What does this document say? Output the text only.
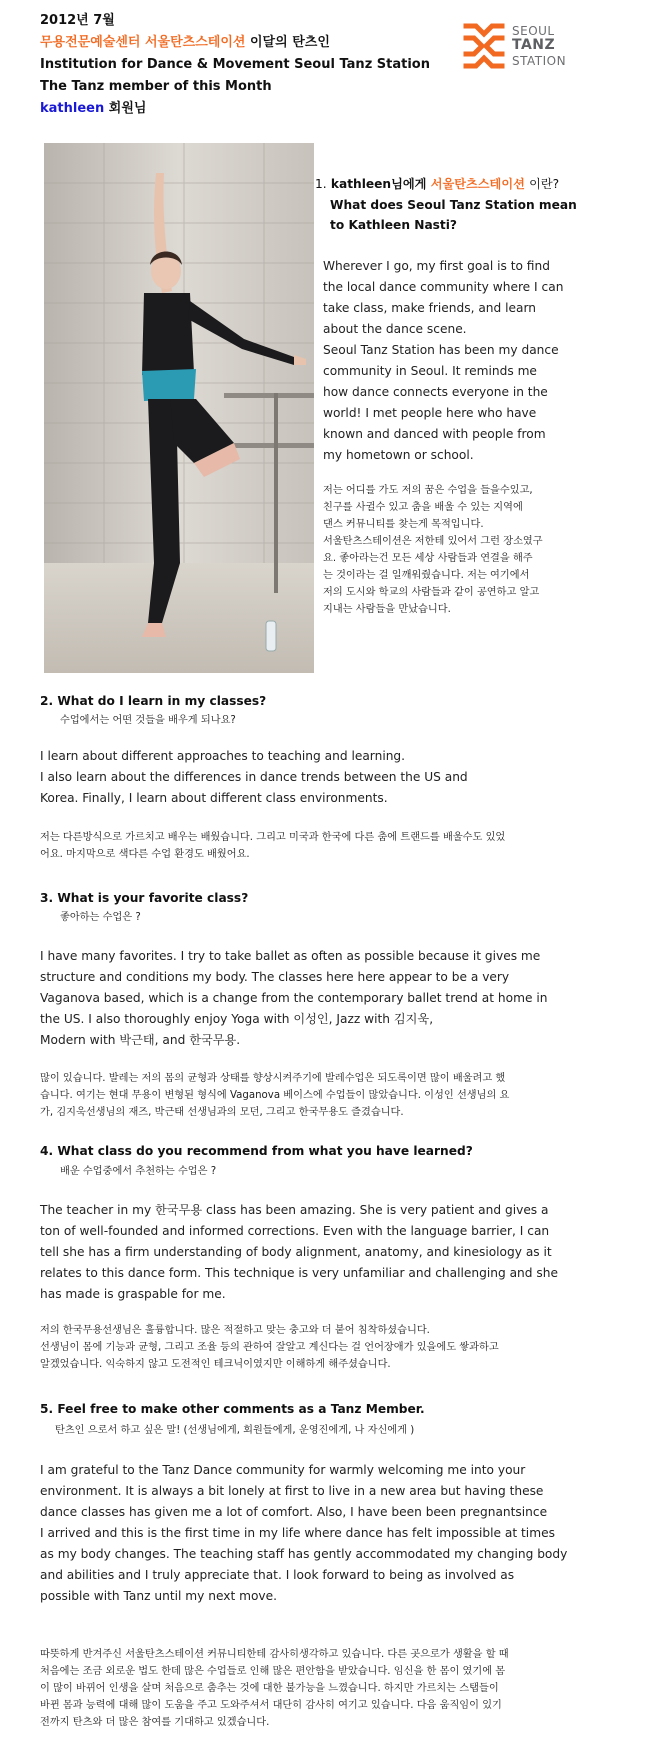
2012년 7월
무용전문예술센터 서울탄츠스테이션 이달의 탄츠인
Institution for Dance & Movement Seoul Tanz Station
The Tanz member of this Month
kathleen 회원님
SEOUL
TANZ
STATION
1. kathleen님에게 서울탄츠스테이션 이란?
What does Seoul Tanz Station mean
to Kathleen Nasti?
Wherever I go, my first goal is to find
the local dance community where I can
take class, make friends, and learn
about the dance scene.
Seoul Tanz Station has been my dance
community in Seoul. It reminds me
how dance connects everyone in the
world! I met people here who have
known and danced with people from
my hometown or school.
저는 어디를 가도 저의 꿈은 수업을 들을수있고,
친구를 사귈수 있고 춤을 배울 수 있는 지역에
댄스 커뮤니티를 찾는게 목적입니다.
서울탄츠스테이션은 저한테 있어서 그런 장소였구
요. 좋아라는건 모든 세상 사람들과 연결을 해주
는 것이라는 걸 일깨워줬습니다. 저는 여기에서
저의 도시와 학교의 사람들과 같이 공연하고 알고
지내는 사람들을 만났습니다.
2. What do I learn in my classes?
수업에서는 어떤 것들을 배우게 되나요?
I learn about different approaches to teaching and learning.
I also learn about the differences in dance trends between the US and
Korea. Finally, I learn about different class environments.
저는 다른방식으로 가르치고 배우는 배웠습니다. 그리고 미국과 한국에 다른 춤에 트랜드를 배울수도 있었
어요. 마지막으로 색다른 수업 환경도 배웠어요.
3. What is your favorite class?
좋아하는 수업은 ?
I have many favorites. I try to take ballet as often as possible because it gives me
structure and conditions my body. The classes here here appear to be a very
Vaganova based, which is a change from the contemporary ballet trend at home in
the US. I also thoroughly enjoy Yoga with 이성인, Jazz with 김지욱,
Modern with 박근태, and 한국무용.
많이 있습니다. 발레는 저의 몸의 균형과 상태를 향상시켜주기에 발레수업은 되도록이면 많이 배울려고 했
습니다. 여기는 현대 무용이 변형된 형식에 Vaganova 베이스에 수업들이 많았습니다. 이성인 선생님의 요
가, 김지욱선생님의 재즈, 박근태 선생님과의 모던, 그리고 한국무용도 즐겼습니다.
4. What class do you recommend from what you have learned?
배운 수업중에서 추천하는 수업은 ?
The teacher in my 한국무용 class has been amazing. She is very patient and gives a
ton of well-founded and informed corrections. Even with the language barrier, I can
tell she has a firm understanding of body alignment, anatomy, and kinesiology as it
relates to this dance form. This technique is very unfamiliar and challenging and she
has made is graspable for me.
저의 한국무용선생님은 훌륭합니다. 많은 적절하고 맞는 충고와 더 붙어 침착하셨습니다.
선생님이 몸에 기능과 균형, 그리고 조율 등의 관하여 잘알고 계신다는 걸 언어장애가 있을에도 쌓과하고
알겠었습니다. 익숙하지 않고 도전적인 테크닉이였지만 이해하게 해주셨습니다.
5. Feel free to make other comments as a Tanz Member.
탄츠인 으로서 하고 싶은 말! (선생님에게, 회원들에게, 운영진에게, 나 자신에게 )
I am grateful to the Tanz Dance community for warmly welcoming me into your
environment. It is always a bit lonely at first to live in a new area but having these
dance classes has given me a lot of comfort. Also, I have been been pregnantsince
I arrived and this is the first time in my life where dance has felt impossible at times
as my body changes. The teaching staff has gently accommodated my changing body
and abilities and I truly appreciate that. I look forward to being as involved as
possible with Tanz until my next move.
따뜻하게 반겨주신 서울탄츠스테이션 커뮤니티한테 감사히생각하고 있습니다. 다른 곳으로가 생활을 할 때
처음에는 조금 외로운 법도 한데 많은 수업들로 인해 많은 편안함을 받았습니다. 임신을 한 몸이 였기에 몸
이 많이 바뀌어 인생을 살며 처음으로 춤추는 것에 대한 불가능을 느꼈습니다. 하지만 가르치는 스탭들이
바뀐 몸과 능력에 대해 많이 도움을 주고 도와주셔서 대단히 감사히 여기고 있습니다. 다음 움직임이 있기
전까지 탄츠와 더 많은 참여를 기대하고 있겠습니다.
